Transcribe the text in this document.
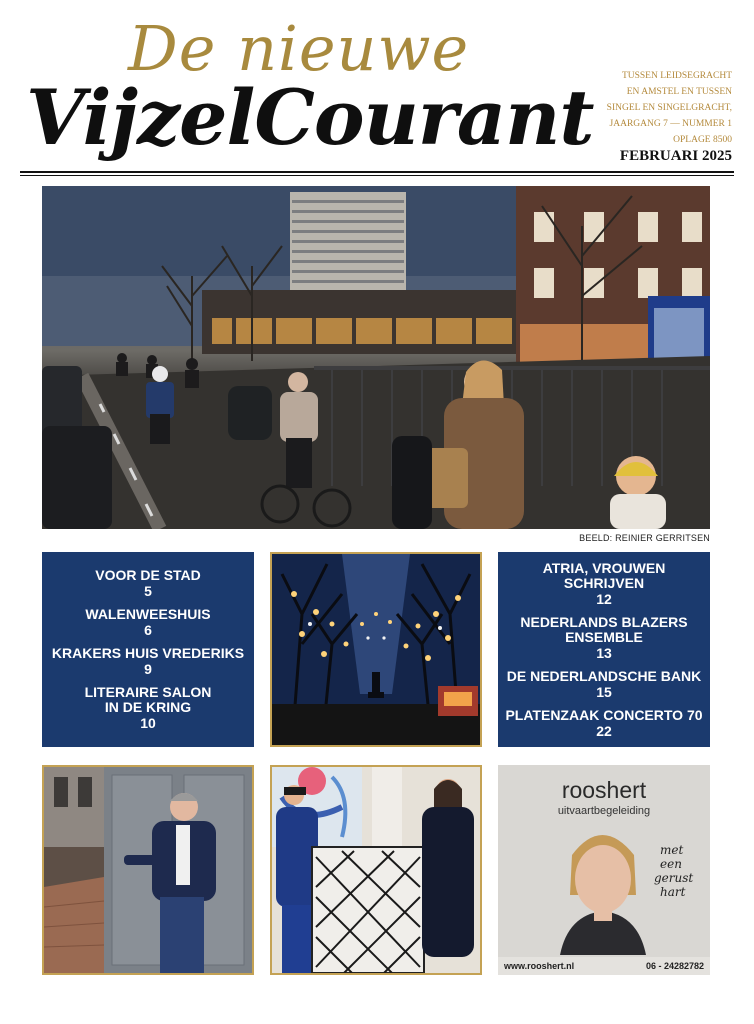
De nieuwe
VijzelCourant	TUSSEN LEIDSEGRACHT
EN AMSTEL EN TUSSEN
SINGEL EN SINGELGRACHT,
JAARGANG 7 — NUMMER 1
OPLAGE 8500
FEBRUARI 2025
BEELD: REINIER GERRITSEN
VOOR DE STAD
5
WALENWEESHUIS
6
KRAKERS HUIS VREDERIKS
9
LITERAIRE SALON
IN DE KRING
10
ATRIA, VROUWEN
SCHRIJVEN
12
NEDERLANDS BLAZERS
ENSEMBLE
13
DE NEDERLANDSCHE BANK
15
PLATENZAAK CONCERTO 70
22
rooshert
uitvaartbegeleiding
met
een
gerust
hart
www.rooshert.nl	06 - 24282782
